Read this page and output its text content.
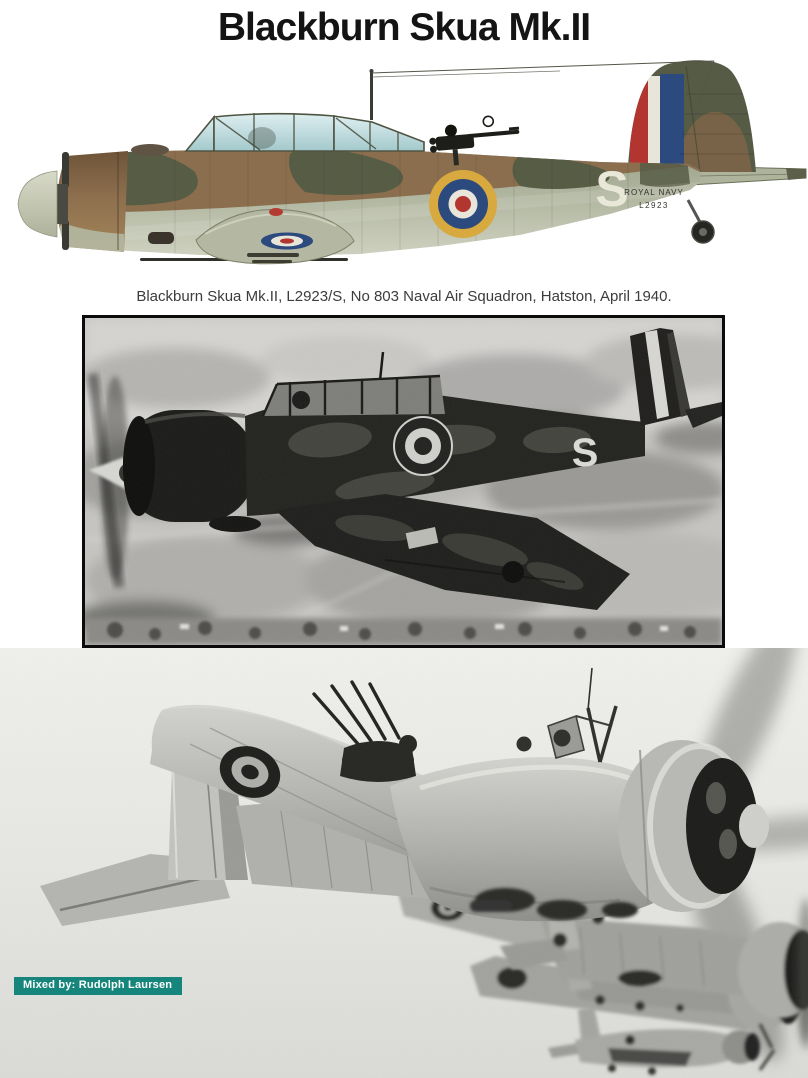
Blackburn Skua Mk.II
S
ROYAL NAVY
L2923
Blackburn Skua Mk.II, L2923/S, No 803 Naval Air Squadron, Hatston, April 1940.
S
Mixed by: Rudolph Laursen
